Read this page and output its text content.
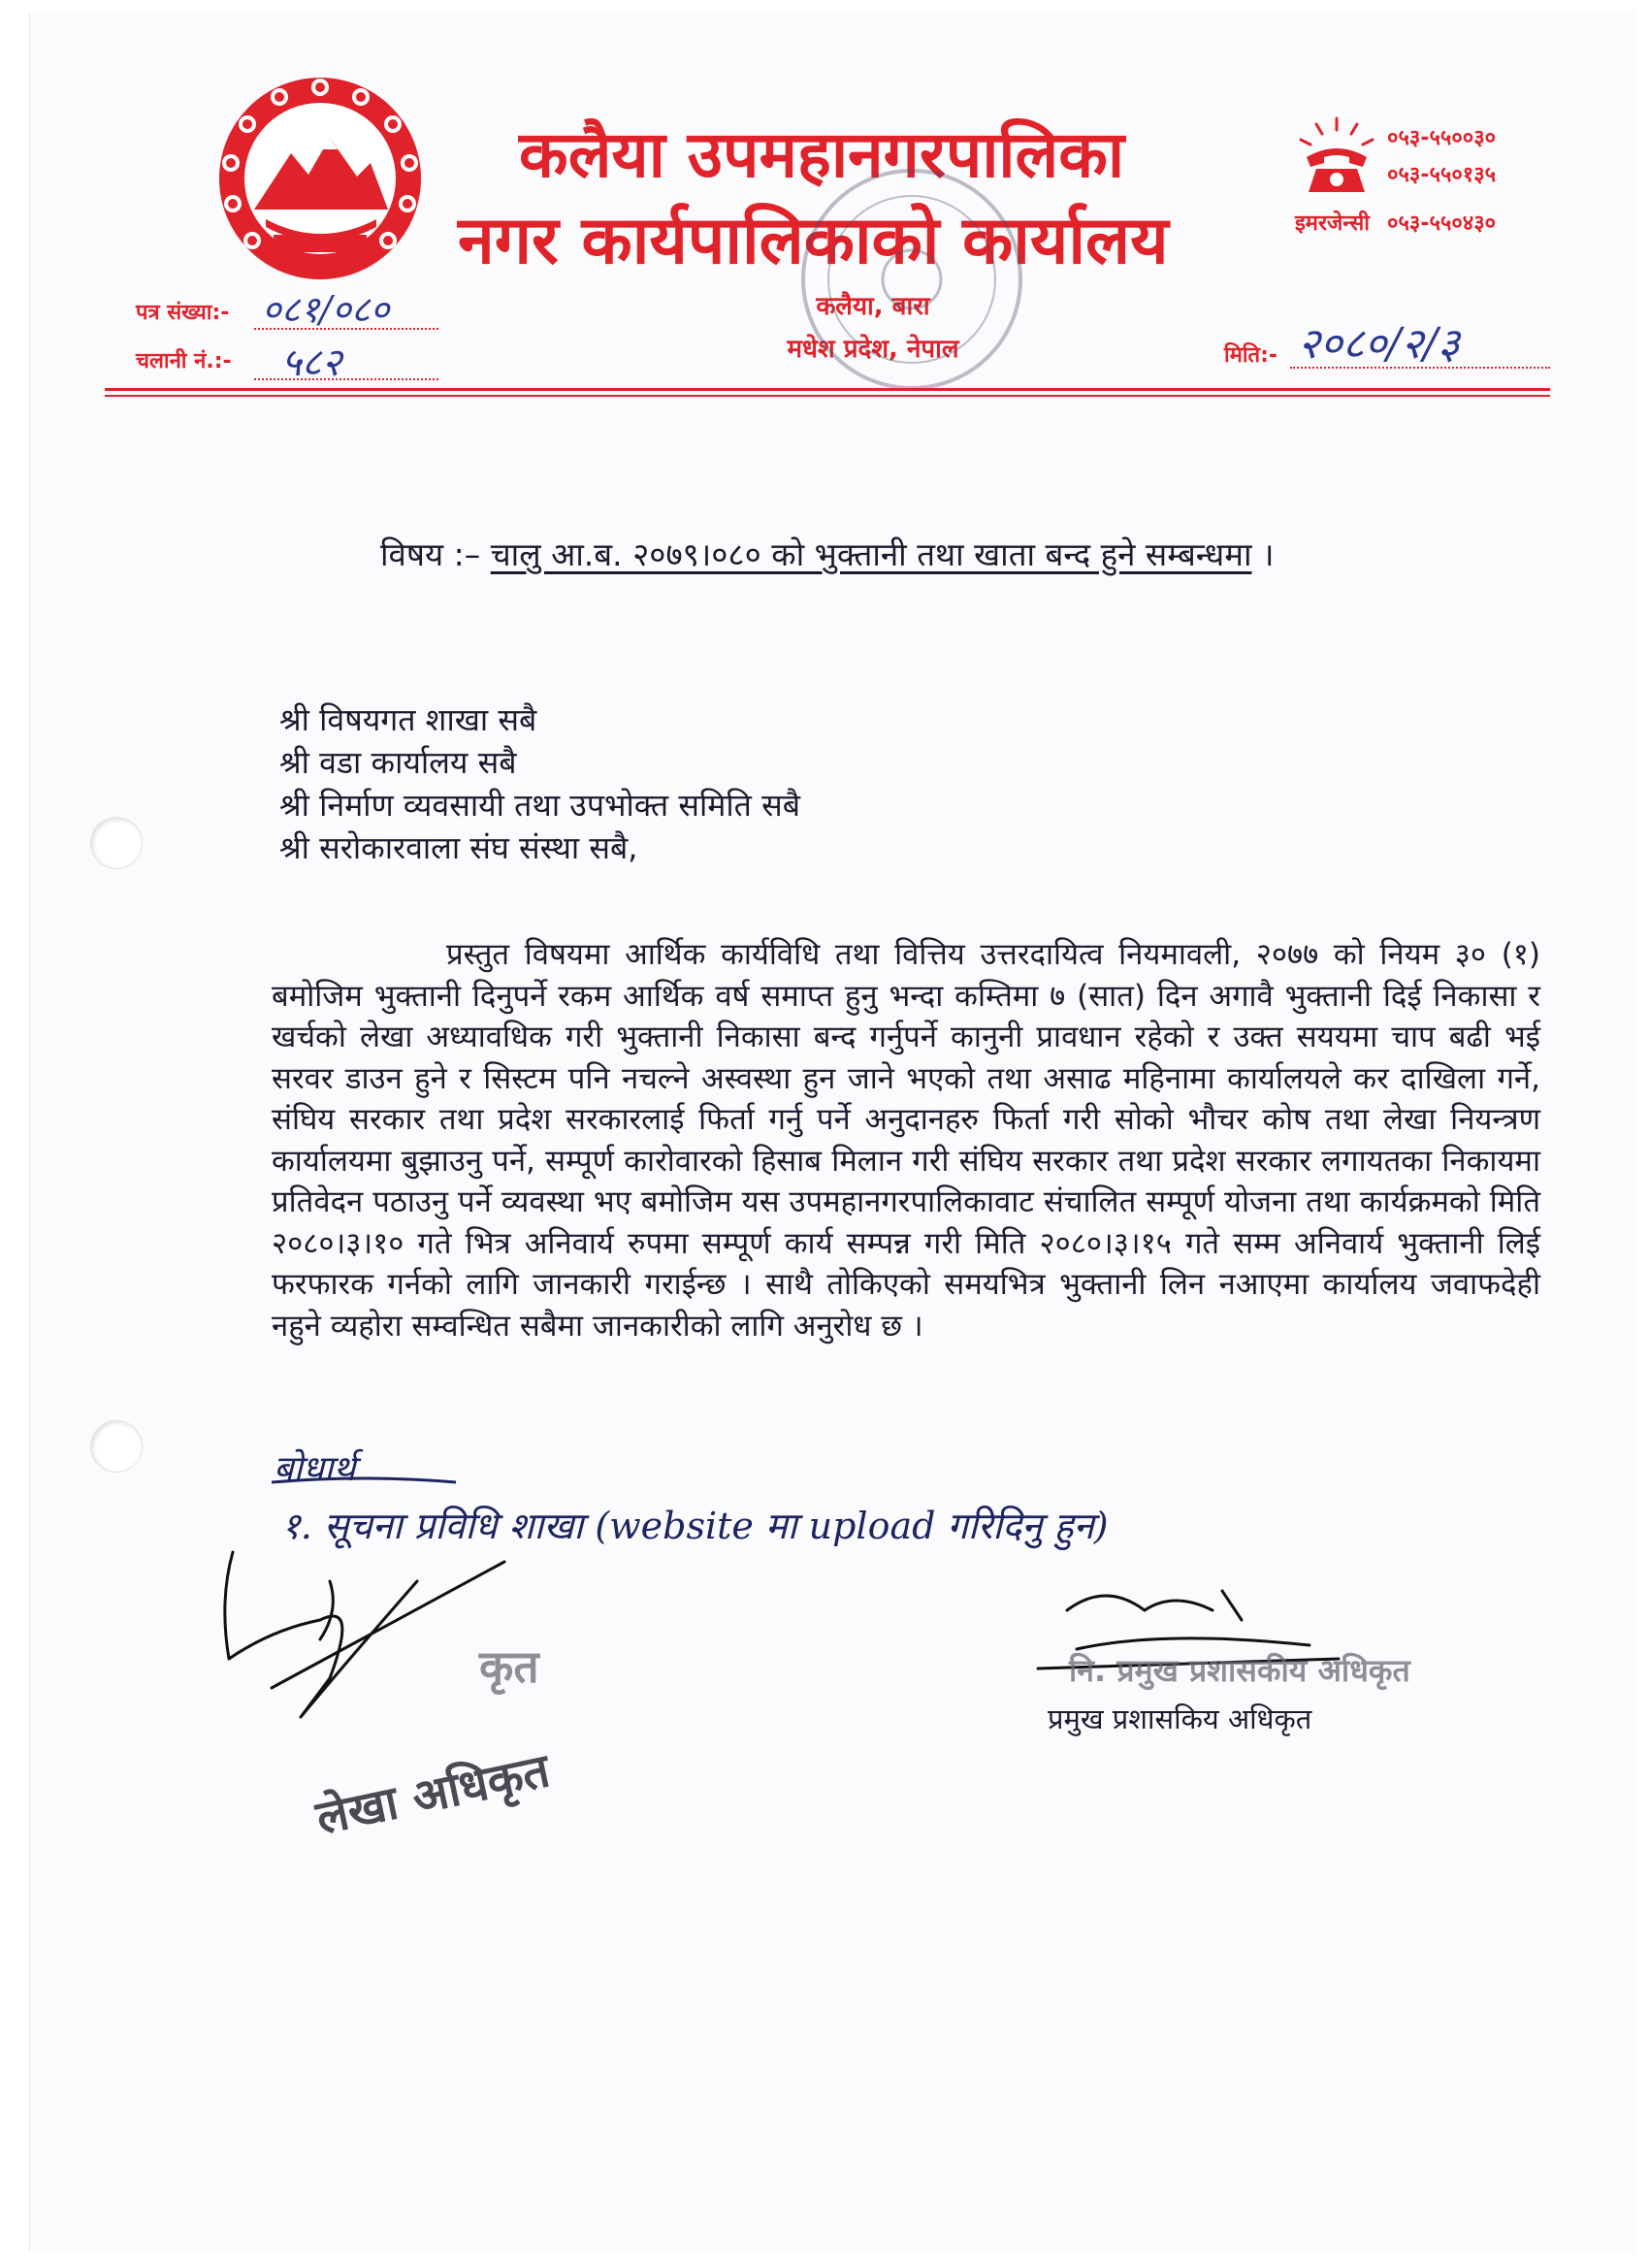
कलैया उपमहानगरपालिका
नगर कार्यपालिकाको कार्यालय
०५३-५५००३०
०५३-५५०१३५
इमरजेन्सी ०५३-५५०४३०
पत्र संख्या:- ०८१/०८०
चलानी नं.:- ५८२
कलैया, बारा
मधेश प्रदेश, नेपाल	मिति:- २०८०/२/३
विषय :– चालु आ.ब. २०७९।०८० को भुक्तानी तथा खाता बन्द हुने सम्बन्धमा ।
श्री विषयगत शाखा सबै
श्री वडा कार्यालय सबै
श्री निर्माण व्यवसायी तथा उपभोक्त समिति सबै
श्री सरोकारवाला संघ संस्था सबै,

प्रस्तुत विषयमा आर्थिक कार्यविधि तथा वित्तिय उत्तरदायित्व नियमावली, २०७७ को नियम ३० (१) बमोजिम भुक्तानी दिनुपर्ने रकम आर्थिक वर्ष समाप्त हुनु भन्दा कम्तिमा ७ (सात) दिन अगावै भुक्तानी दिई निकासा र खर्चको लेखा अध्यावधिक गरी भुक्तानी निकासा बन्द गर्नुपर्ने कानुनी प्रावधान रहेको र उक्त सययमा चाप बढी भई सरवर डाउन हुने र सिस्टम पनि नचल्ने अस्वस्था हुन जाने भएको तथा असाढ महिनामा कार्यालयले कर दाखिला गर्ने, संघिय सरकार तथा प्रदेश सरकारलाई फिर्ता गर्नु पर्ने अनुदानहरु फिर्ता गरी सोको भौचर कोष तथा लेखा नियन्त्रण कार्यालयमा बुझाउनु पर्ने, सम्पूर्ण कारोवारको हिसाब मिलान गरी संघिय सरकार तथा प्रदेश सरकार लगायतका निकायमा प्रतिवेदन पठाउनु पर्ने व्यवस्था भए बमोजिम यस उपमहानगरपालिकावाट संचालित सम्पूर्ण योजना तथा कार्यक्रमको मिति २०८०।३।१० गते भित्र अनिवार्य रुपमा सम्पूर्ण कार्य सम्पन्न गरी मिति २०८०।३।१५ गते सम्म अनिवार्य भुक्तानी लिई फरफारक गर्नको लागि जानकारी गराईन्छ । साथै तोकिएको समयभित्र भुक्तानी लिन नआएमा कार्यालय जवाफदेही नहुने व्यहोरा सम्वन्धित सबैमा जानकारीको लागि अनुरोध छ ।

बोधार्थ
१. सूचना प्रविधि शाखा (website मा upload गरिदिनु हुन)
कृत
लेखा अधिकृत
नि. प्रमुख प्रशासकीय अधिकृत
प्रमुख प्रशासकिय अधिकृत
